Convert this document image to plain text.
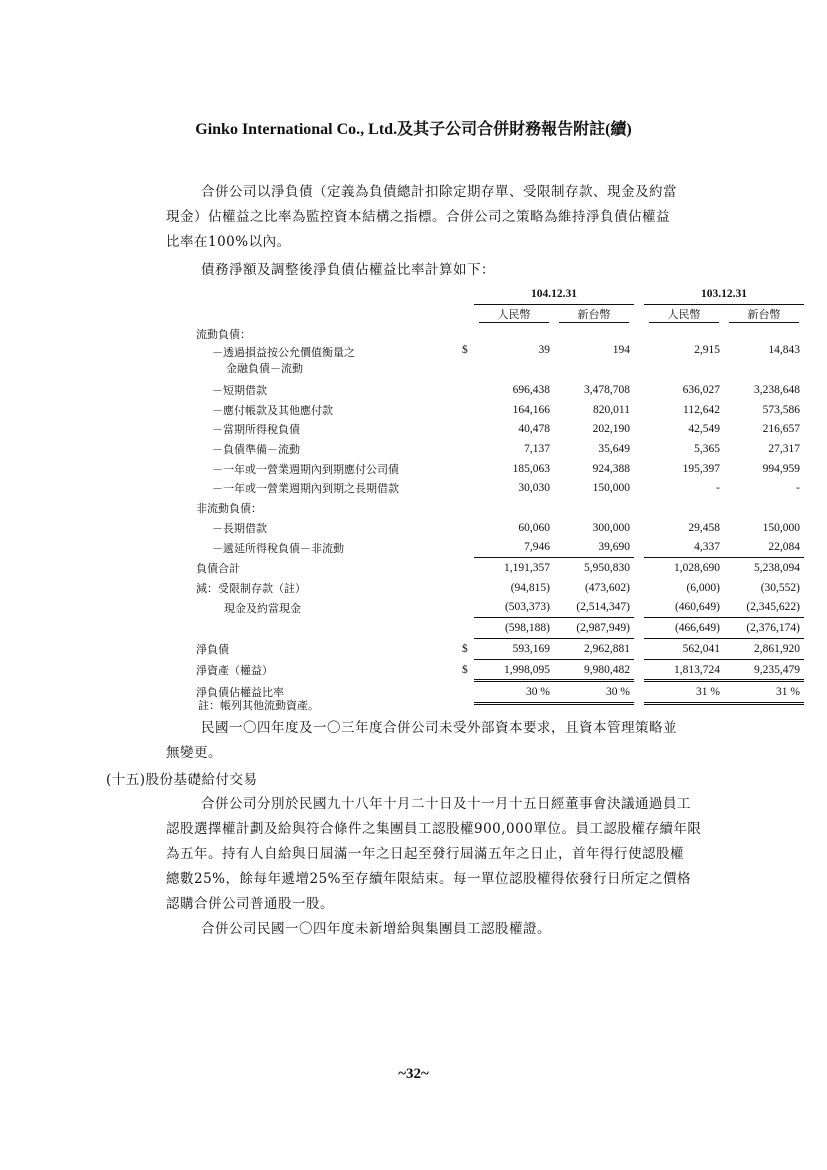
Ginko International Co., Ltd.及其子公司合併財務報告附註(續)
合併公司以淨負債（定義為負債總計扣除定期存單、受限制存款、現金及約當
現金）佔權益之比率為監控資本結構之指標。合併公司之策略為維持淨負債佔權益
比率在100%以內。
債務淨額及調整後淨負債佔權益比率計算如下：
		104.12.31			103.12.31	
		人民幣	新台幣		人民幣	新台幣

流動負債：						

－透過損益按公允價值衡量之
金融負債－流動	$	39	194		2,915	14,843

－短期借款		696,438	3,478,708		636,027	3,238,648

－應付帳款及其他應付款		164,166	820,011		112,642	573,586

－當期所得稅負債		40,478	202,190		42,549	216,657

－負債準備－流動		7,137	35,649		5,365	27,317

－一年或一營業週期內到期應付公司債		185,063	924,388		195,397	994,959

－一年或一營業週期內到期之長期借款		30,030	150,000		-	-

非流動負債：						

－長期借款		60,060	300,000		29,458	150,000

－遞延所得稅負債－非流動		7,946	39,690		4,337	22,084

負債合計		1,191,357	5,950,830		1,028,690	5,238,094

減：受限制存款（註）		(94,815)	(473,602)		(6,000)	(30,552)

現金及約當現金		(503,373)	(2,514,347)		(460,649)	(2,345,622)

		(598,188)	(2,987,949)		(466,649)	(2,376,174)

淨負債	$	593,169	2,962,881		562,041	2,861,920

淨資產（權益）	$	1,998,095	9,980,482		1,813,724	9,235,479

淨負債佔權益比率		30 %	30 %		31 %	31 %
註：帳列其他流動資產。
民國一〇四年度及一〇三年度合併公司未受外部資本要求，且資本管理策略並
無變更。
(十五)股份基礎給付交易
合併公司分別於民國九十八年十月二十日及十一月十五日經董事會決議通過員工
認股選擇權計劃及給與符合條件之集團員工認股權900,000單位。員工認股權存續年限
為五年。持有人自給與日屆滿一年之日起至發行屆滿五年之日止，首年得行使認股權
總數25%，餘每年遞增25%至存續年限結束。每一單位認股權得依發行日所定之價格
認購合併公司普通股一股。
合併公司民國一〇四年度未新增給與集團員工認股權證。
~32~
